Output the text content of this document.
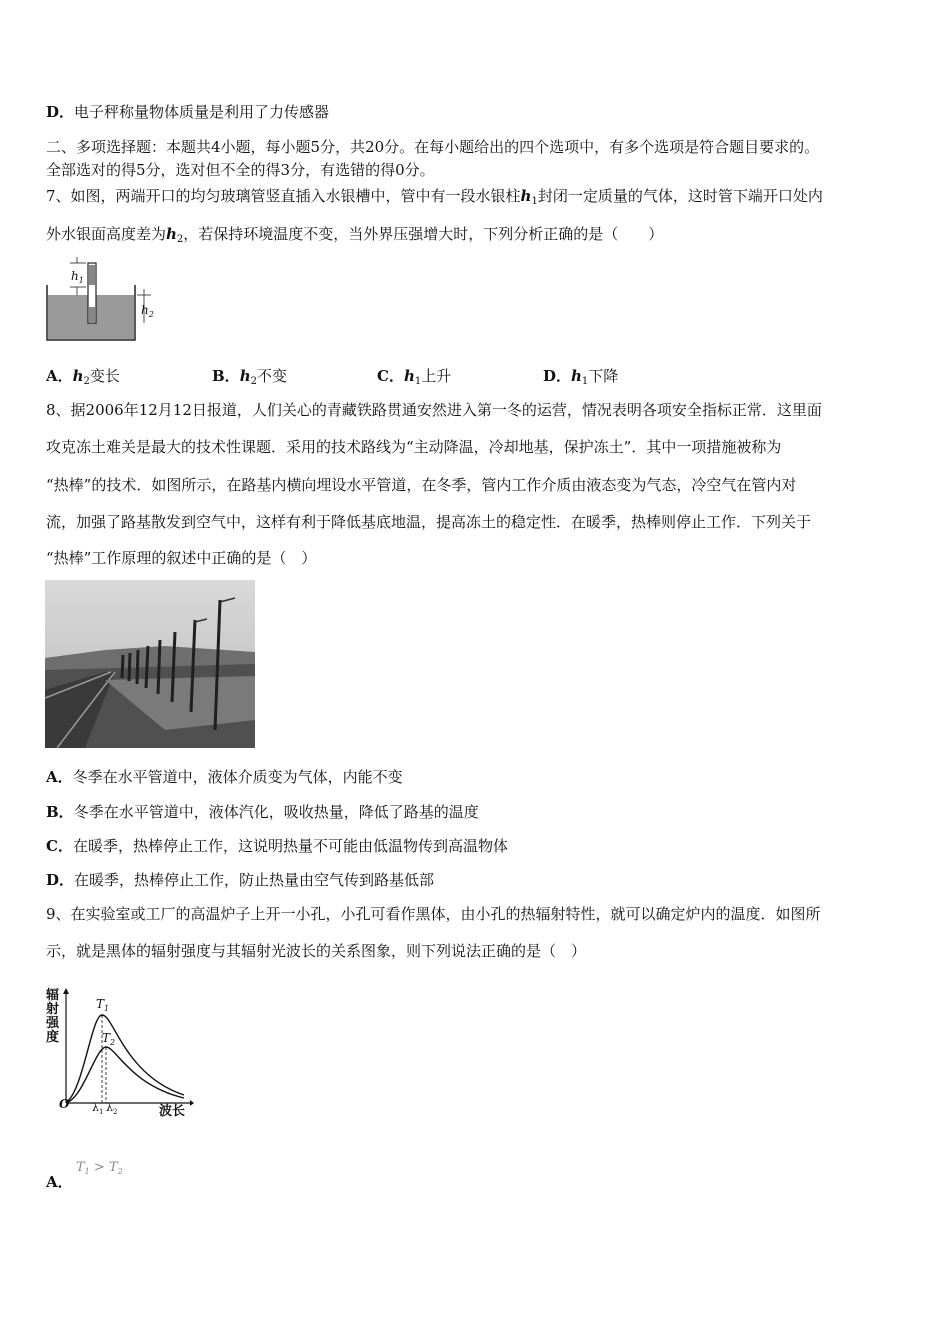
D．电子秤称量物体质量是利用了力传感器
二、多项选择题：本题共4小题，每小题5分，共20分。在每小题给出的四个选项中，有多个选项是符合题目要求的。
全部选对的得5分，选对但不全的得3分，有选错的得0分。
7、如图，两端开口的均匀玻璃管竖直插入水银槽中，管中有一段水银柱$h_1$封闭一定质量的气体，这时管下端开口处内
外水银面高度差为$h_2$，若保持环境温度不变，当外界压强增大时，下列分析正确的是（　　）
$h_1$
$h_2$
A．$h_2$变长	B．$h_2$不变	C．$h_1$上升	D．$h_1$下降
8、据2006年12月12日报道，人们关心的青藏铁路贯通安然进入第一冬的运营，情况表明各项安全指标正常．这里面
攻克冻土难关是最大的技术性课题．采用的技术路线为“主动降温，冷却地基，保护冻土”．其中一项措施被称为
“热棒”的技术．如图所示，在路基内横向埋设水平管道，在冬季，管内工作介质由液态变为气态，冷空气在管内对
流，加强了路基散发到空气中，这样有利于降低基底地温，提高冻土的稳定性．在暖季，热棒则停止工作．下列关于
“热棒”工作原理的叙述中正确的是（　）
A．冬季在水平管道中，液体介质变为气体，内能不变
B．冬季在水平管道中，液体汽化，吸收热量，降低了路基的温度
C．在暖季，热棒停止工作，这说明热量不可能由低温物传到高温物体
D．在暖季，热棒停止工作，防止热量由空气传到路基低部
9、在实验室或工厂的高温炉子上开一小孔，小孔可看作黑体，由小孔的热辐射特性，就可以确定炉内的温度．如图所
示，就是黑体的辐射强度与其辐射光波长的关系图象，则下列说法正确的是（　）
辐射强度
波长
O
$T_1$
$T_2$
$\lambda_1$ $\lambda_2$
A．
$T_1 > T_2$
